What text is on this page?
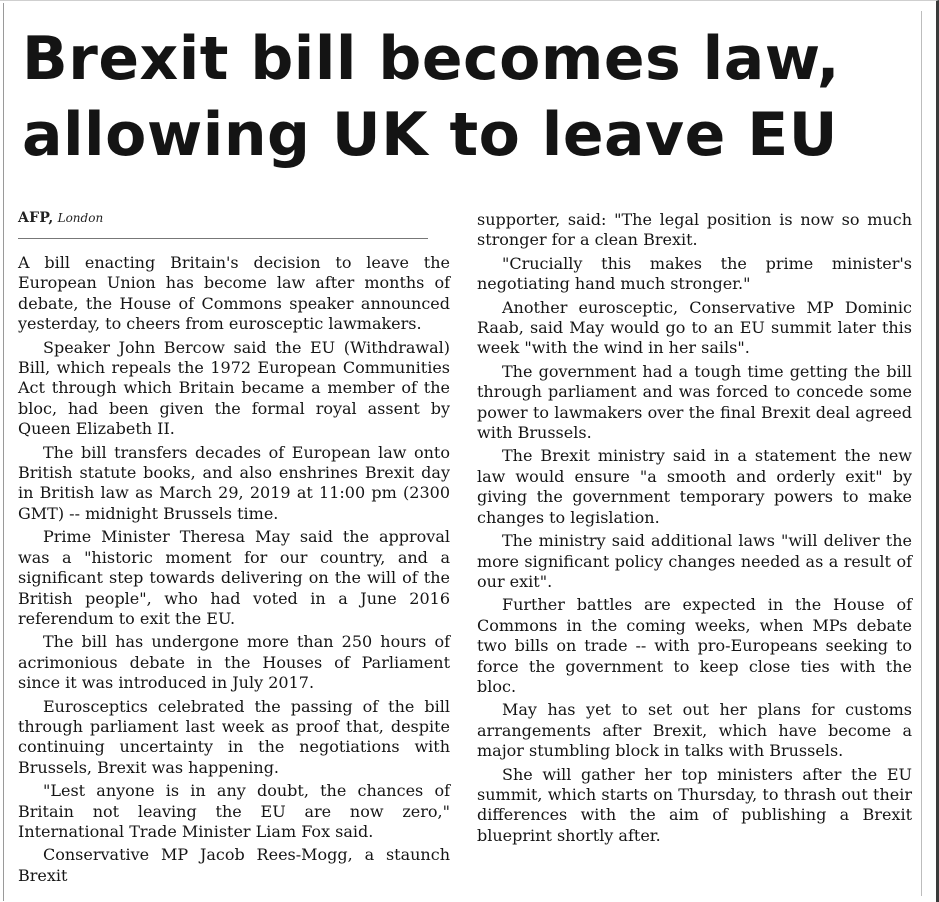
Brexit bill becomes law,
allowing UK to leave EU
AFP, London

A bill enacting Britain's decision to leave the European Union has become law after months of debate, the House of Commons speaker announced yesterday, to cheers from eurosceptic lawmakers.

Speaker John Bercow said the EU (Withdrawal) Bill, which repeals the 1972 European Communities Act through which Britain became a member of the bloc, had been given the formal royal assent by Queen Elizabeth II.

The bill transfers decades of European law onto British statute books, and also enshrines Brexit day in British law as March 29, 2019 at 11:00 pm (2300 GMT) -- midnight Brussels time.

Prime Minister Theresa May said the approval was a "historic moment for our country, and a significant step towards delivering on the will of the British people", who had voted in a June 2016 referendum to exit the EU.

The bill has undergone more than 250 hours of acrimonious debate in the Houses of Parliament since it was introduced in July 2017.

Eurosceptics celebrated the passing of the bill through parliament last week as proof that, despite continuing uncertainty in the negotiations with Brussels, Brexit was happening.

"Lest anyone is in any doubt, the chances of Britain not leaving the EU are now zero," International Trade Minister Liam Fox said.

Conservative MP Jacob Rees-Mogg, a staunch Brexit

supporter, said: "The legal position is now so much stronger for a clean Brexit.

"Crucially this makes the prime minister's negotiating hand much stronger."

Another eurosceptic, Conservative MP Dominic Raab, said May would go to an EU summit later this week "with the wind in her sails".

The government had a tough time getting the bill through parliament and was forced to concede some power to lawmakers over the final Brexit deal agreed with Brussels.

The Brexit ministry said in a statement the new law would ensure "a smooth and orderly exit" by giving the government temporary powers to make changes to legislation.

The ministry said additional laws "will deliver the more significant policy changes needed as a result of our exit".

Further battles are expected in the House of Commons in the coming weeks, when MPs debate two bills on trade -- with pro-Europeans seeking to force the government to keep close ties with the bloc.

May has yet to set out her plans for customs arrangements after Brexit, which have become a major stumbling block in talks with Brussels.

She will gather her top ministers after the EU summit, which starts on Thursday, to thrash out their differences with the aim of publishing a Brexit blueprint shortly after.
